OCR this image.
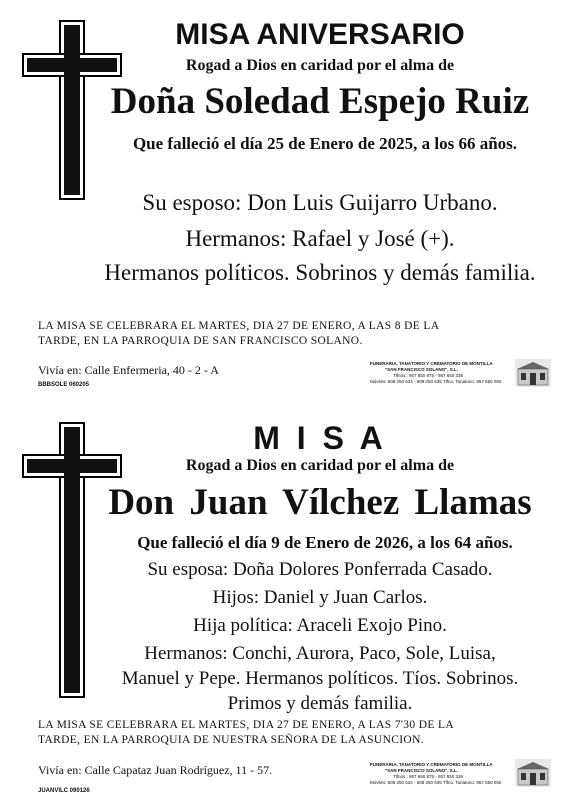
MISA ANIVERSARIO
Rogad a Dios en caridad por el alma de
Doña Soledad Espejo Ruiz
Que falleció el día 25 de Enero de 2025, a los 66 años.
Su esposo: Don Luis Guijarro Urbano.
Hermanos: Rafael y José (+).
Hermanos políticos. Sobrinos y demás familia.
LA MISA SE CELEBRARA EL MARTES, DIA 27 DE ENERO, A LAS 8 DE LA
TARDE, EN LA PARROQUIA DE SAN FRANCISCO SOLANO.
Vivía en: Calle Enfermeria, 40 - 2 - A
BBBSOLE 060205
FUNERARIA, TANATORIO Y CREMATORIO DE MONTILLA
"SAN FRANCISCO SOLANO", S.L.
Tlfnos.: 957 650 875 - 957 650 336
Móviles: 608 250 634 - 608 250 635 Tlfno. Tanatorio: 957 650 050
M I S A
Rogad a Dios en caridad por el alma de
Don Juan Vílchez Llamas
Que falleció el día 9 de Enero de 2026, a los 64 años.
Su esposa: Doña Dolores Ponferrada Casado.
Hijos: Daniel y Juan Carlos.
Hija política: Araceli Exojo Pino.
Hermanos: Conchi, Aurora, Paco, Sole, Luisa,
Manuel y Pepe. Hermanos políticos. Tíos. Sobrinos.
Primos y demás familia.
LA MISA SE CELEBRARA EL MARTES, DIA 27 DE ENERO, A LAS 7'30 DE LA
TARDE, EN LA PARROQUIA DE NUESTRA SEÑORA DE LA ASUNCION.
Vivía en: Calle Capataz Juan Rodríguez, 11 - 57.
JUANVILC 090126
FUNERARIA, TANATORIO Y CREMATORIO DE MONTILLA
"SAN FRANCISCO SOLANO", S.L.
Tlfnos.: 957 650 875 - 957 650 336
Móviles: 608 250 634 - 608 250 635 Tlfno. Tanatorio: 957 650 050
